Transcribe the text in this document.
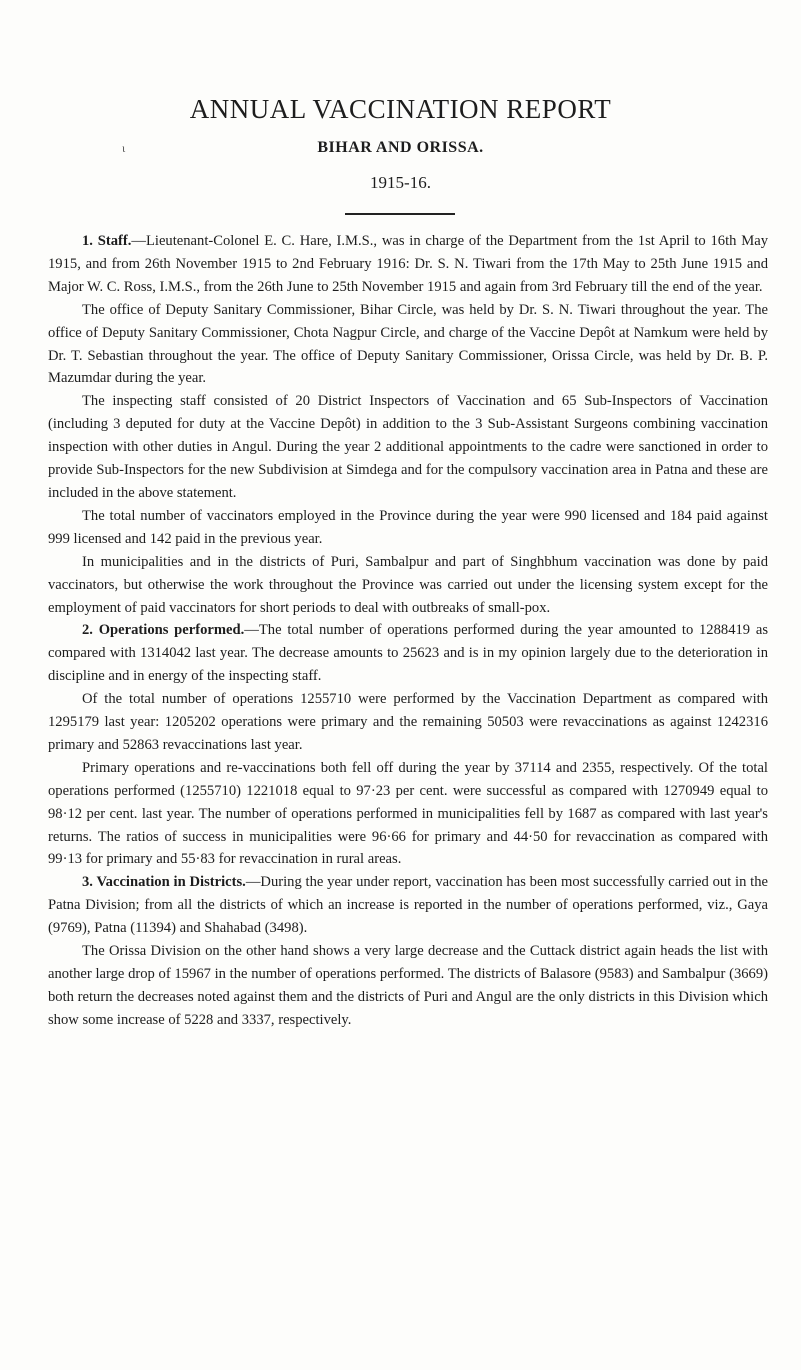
ANNUAL VACCINATION REPORT
ι	BIHAR AND ORISSA.
1915-16.

1. Staff.—Lieutenant-Colonel E. C. Hare, I.M.S., was in charge of the Department from the 1st April to 16th May 1915, and from 26th November 1915 to 2nd February 1916: Dr. S. N. Tiwari from the 17th May to 25th June 1915 and Major W. C. Ross, I.M.S., from the 26th June to 25th November 1915 and again from 3rd February till the end of the year.

The office of Deputy Sanitary Commissioner, Bihar Circle, was held by Dr. S. N. Tiwari throughout the year. The office of Deputy Sanitary Commissioner, Chota Nagpur Circle, and charge of the Vaccine Depôt at Namkum were held by Dr. T. Sebastian throughout the year. The office of Deputy Sanitary Commissioner, Orissa Circle, was held by Dr. B. P. Mazumdar during the year.

The inspecting staff consisted of 20 District Inspectors of Vaccination and 65 Sub-Inspectors of Vaccination (including 3 deputed for duty at the Vaccine Depôt) in addition to the 3 Sub-Assistant Surgeons combining vaccination inspection with other duties in Angul. During the year 2 additional appointments to the cadre were sanctioned in order to provide Sub-Inspectors for the new Subdivision at Simdega and for the compulsory vaccination area in Patna and these are included in the above statement.

The total number of vaccinators employed in the Province during the year were 990 licensed and 184 paid against 999 licensed and 142 paid in the previous year.

In municipalities and in the districts of Puri, Sambalpur and part of Singhbhum vaccination was done by paid vaccinators, but otherwise the work throughout the Province was carried out under the licensing system except for the employment of paid vaccinators for short periods to deal with outbreaks of small-pox.

2. Operations performed.—The total number of operations performed during the year amounted to 1288419 as compared with 1314042 last year. The decrease amounts to 25623 and is in my opinion largely due to the deterioration in discipline and in energy of the inspecting staff.

Of the total number of operations 1255710 were performed by the Vaccination Department as compared with 1295179 last year: 1205202 operations were primary and the remaining 50503 were revaccinations as against 1242316 primary and 52863 revaccinations last year.

Primary operations and re-vaccinations both fell off during the year by 37114 and 2355, respectively. Of the total operations performed (1255710) 1221018 equal to 97·23 per cent. were successful as compared with 1270949 equal to 98·12 per cent. last year. The number of operations performed in municipalities fell by 1687 as compared with last year's returns. The ratios of success in municipalities were 96·66 for primary and 44·50 for revaccination as compared with 99·13 for primary and 55·83 for revaccination in rural areas.

3. Vaccination in Districts.—During the year under report, vaccination has been most successfully carried out in the Patna Division; from all the districts of which an increase is reported in the number of operations performed, viz., Gaya (9769), Patna (11394) and Shahabad (3498).

The Orissa Division on the other hand shows a very large decrease and the Cuttack district again heads the list with another large drop of 15967 in the number of operations performed. The districts of Balasore (9583) and Sambalpur (3669) both return the decreases noted against them and the districts of Puri and Angul are the only districts in this Division which show some increase of 5228 and 3337, respectively.
